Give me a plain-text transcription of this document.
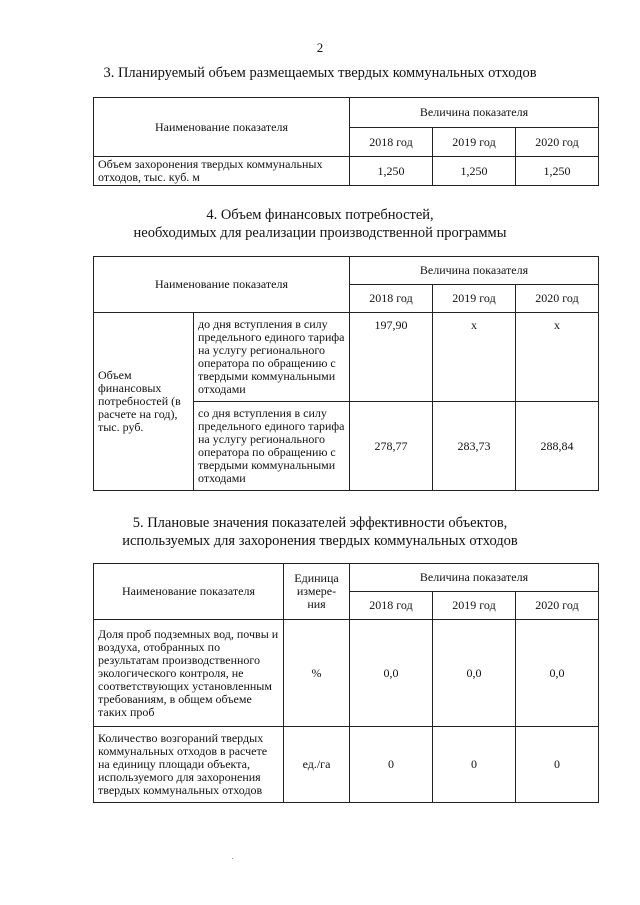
2
3. Планируемый объем размещаемых твердых коммунальных отходов
Наименование показателя	Величина показателя		
	2018 год	2019 год	2020 год
Объем захоронения твердых коммунальных отходов, тыс. куб. м	1,250	1,250	1,250
4. Объем финансовых потребностей,
необходимых для реализации производственной программы
Наименование показателя		Величина показателя		
		2018 год	2019 год	2020 год
Объем финансовых потребностей (в расчете на год), тыс. руб.	до дня вступления в силу предельного единого тарифа на услугу регионального оператора по обращению с твердыми коммунальными отходами	197,90	x	x
	со дня вступления в силу предельного единого тарифа на услугу регионального оператора по обращению с твердыми коммунальными отходами	278,77	283,73	288,84
5. Плановые значения показателей эффективности объектов,
используемых для захоронения твердых коммунальных отходов
Наименование показателя	Единица измере-ния	Величина показателя		
		2018 год	2019 год	2020 год
Доля проб подземных вод, почвы и воздуха, отобранных по результатам производственного экологического контроля, не соответствующих установленным требованиям, в общем объеме таких проб	%	0,0	0,0	0,0
Количество возгораний твердых коммунальных отходов в расчете на единицу площади объекта, используемого для захоронения твердых коммунальных отходов	ед./га	0	0	0
